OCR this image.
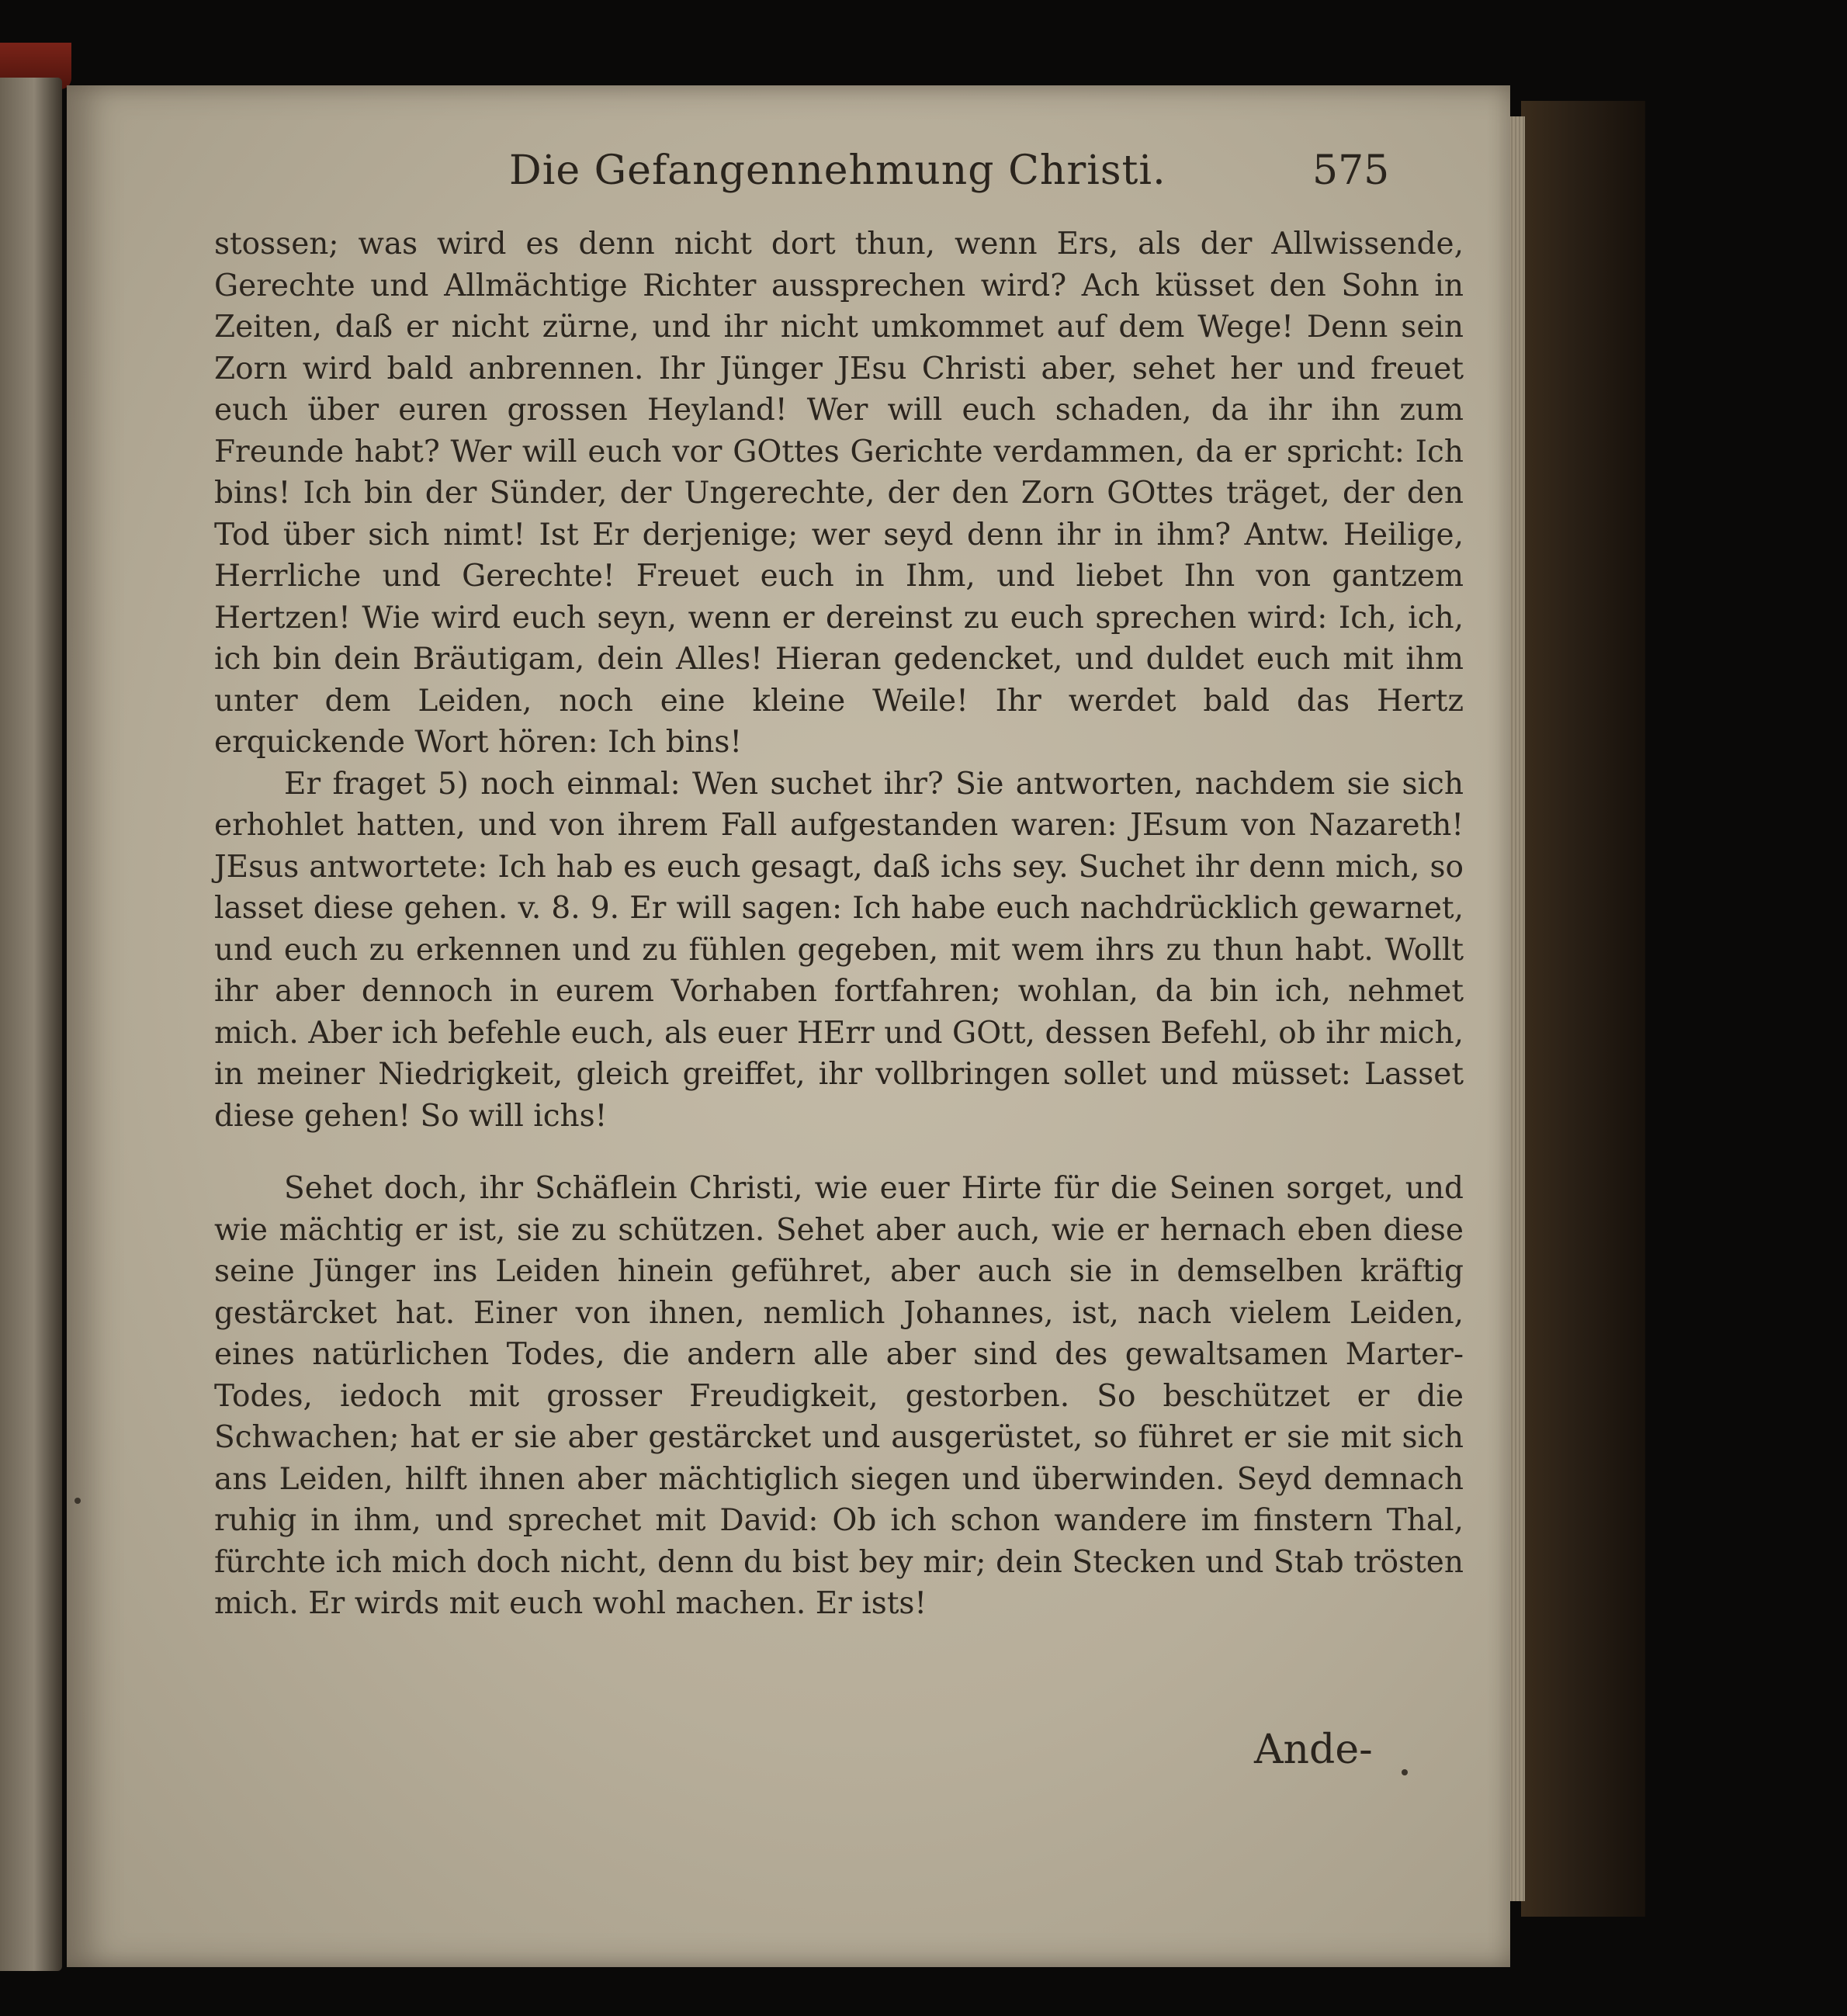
Die Gefangennehmung Christi.	575

stossen; was wird es denn nicht dort thun, wenn Ers, als der Allwissende, Gerechte und Allmächtige Richter aussprechen wird? Ach küsset den Sohn in Zeiten, daß er nicht zürne, und ihr nicht umkommet auf dem Wege! Denn sein Zorn wird bald anbrennen. Ihr Jünger JEsu Christi aber, sehet her und freuet euch über euren grossen Heyland! Wer will euch schaden, da ihr ihn zum Freunde habt? Wer will euch vor GOttes Gerichte verdammen, da er spricht: Ich bins! Ich bin der Sünder, der Ungerechte, der den Zorn GOttes träget, der den Tod über sich nimt! Ist Er derjenige; wer seyd denn ihr in ihm? Antw. Heilige, Herrliche und Gerechte! Freuet euch in Ihm, und liebet Ihn von gantzem Hertzen! Wie wird euch seyn, wenn er dereinst zu euch sprechen wird: Ich, ich, ich bin dein Bräutigam, dein Alles! Hieran gedencket, und duldet euch mit ihm unter dem Leiden, noch eine kleine Weile! Ihr werdet bald das Hertz erquickende Wort hören: Ich bins!

Er fraget 5) noch einmal: Wen suchet ihr? Sie antworten, nachdem sie sich erhohlet hatten, und von ihrem Fall aufgestanden waren: JEsum von Nazareth! JEsus antwortete: Ich hab es euch gesagt, daß ichs sey. Suchet ihr denn mich, so lasset diese gehen. v. 8. 9. Er will sagen: Ich habe euch nachdrücklich gewarnet, und euch zu erkennen und zu fühlen gegeben, mit wem ihrs zu thun habt. Wollt ihr aber dennoch in eurem Vorhaben fortfahren; wohlan, da bin ich, nehmet mich. Aber ich befehle euch, als euer HErr und GOtt, dessen Befehl, ob ihr mich, in meiner Niedrigkeit, gleich greiffet, ihr vollbringen sollet und müsset: Lasset diese gehen! So will ichs!

Sehet doch, ihr Schäflein Christi, wie euer Hirte für die Seinen sorget, und wie mächtig er ist, sie zu schützen. Sehet aber auch, wie er hernach eben diese seine Jünger ins Leiden hinein geführet, aber auch sie in demselben kräftig gestärcket hat. Einer von ihnen, nemlich Johannes, ist, nach vielem Leiden, eines natürlichen Todes, die andern alle aber sind des gewaltsamen Marter-Todes, iedoch mit grosser Freudigkeit, gestorben. So beschützet er die Schwachen; hat er sie aber gestärcket und ausgerüstet, so führet er sie mit sich ans Leiden, hilft ihnen aber mächtiglich siegen und überwinden. Seyd demnach ruhig in ihm, und sprechet mit David: Ob ich schon wandere im finstern Thal, fürchte ich mich doch nicht, denn du bist bey mir; dein Stecken und Stab trösten mich. Er wirds mit euch wohl machen. Er ists!

Ande-
